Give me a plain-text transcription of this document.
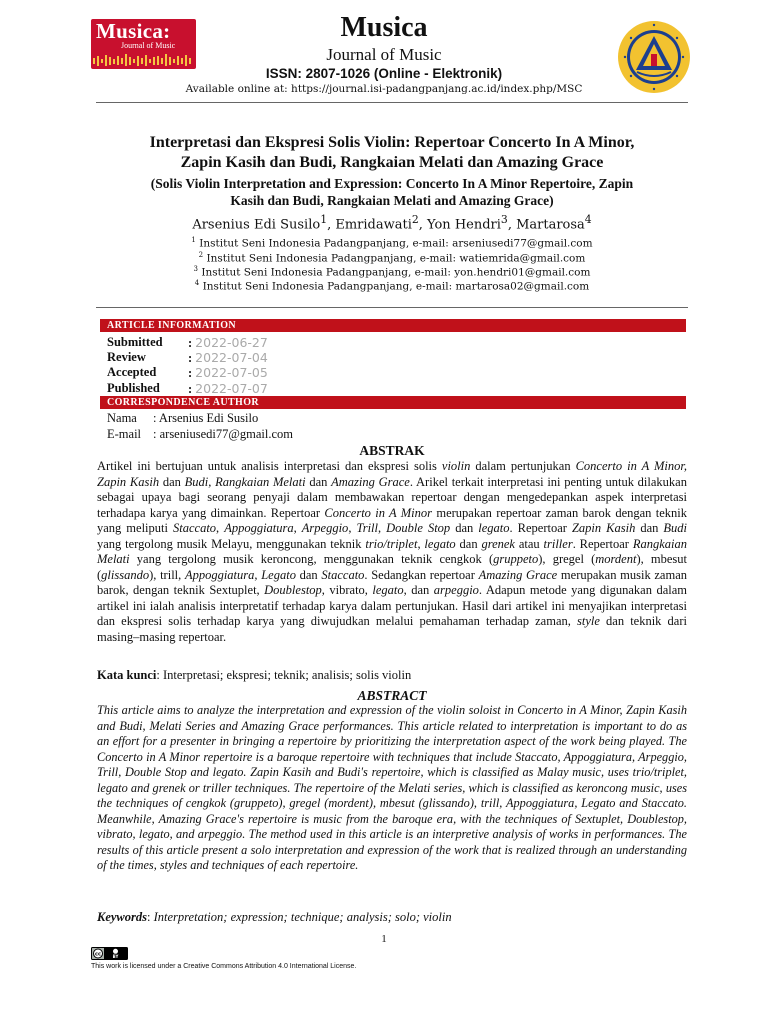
Musica:
Journal of Music
Musica
Journal of Music
ISSN: 2807-1026 (Online - Elektronik)
Available online at: https://journal.isi-padangpanjang.ac.id/index.php/MSC
Interpretasi dan Ekspresi Solis Violin: Repertoar Concerto In A Minor,
Zapin Kasih dan Budi, Rangkaian Melati dan Amazing Grace
(Solis Violin Interpretation and Expression: Concerto In A Minor Repertoire, Zapin
Kasih dan Budi, Rangkaian Melati and Amazing Grace)
Arsenius Edi Susilo$^1$, Emridawati$^2$, Yon Hendri$^3$, Martarosa$^4$
$^1$ Institut Seni Indonesia Padangpanjang, e-mail: arseniusedi77@gmail.com
$^2$ Institut Seni Indonesia Padangpanjang, e-mail: watiemrida@gmail.com
$^3$ Institut Seni Indonesia Padangpanjang, e-mail: yon.hendri01@gmail.com
$^4$ Institut Seni Indonesia Padangpanjang, e-mail: martarosa02@gmail.com
ARTICLE INFORMATION
Submitted : 2022-06-27
Review	: 2022-07-04
Accepted	: 2022-07-05
Published : 2022-07-07
CORRESPONDENCE AUTHOR
Nama : Arsenius Edi Susilo
E-mail : arseniusedi77@gmail.com
ABSTRAK
Artikel ini bertujuan untuk analisis interpretasi dan ekspresi solis violin dalam pertunjukan Concerto in A Minor, Zapin Kasih dan Budi, Rangkaian Melati dan Amazing Grace. Arikel terkait interpretasi ini penting untuk dilakukan sebagai upaya bagi seorang penyaji dalam membawakan repertoar dengan mengedepankan aspek interpretasi terhadapa karya yang dimainkan. Repertoar Concerto in A Minor merupakan repertoar zaman barok dengan teknik yang meliputi Staccato, Appoggiatura, Arpeggio, Trill, Double Stop dan legato. Repertoar Zapin Kasih dan Budi yang tergolong musik Melayu, menggunakan teknik trio/triplet, legato dan grenek atau triller. Repertoar Rangkaian Melati yang tergolong musik keroncong, menggunakan teknik cengkok (gruppeto), gregel (mordent), mbesut (glissando), trill, Appoggiatura, Legato dan Staccato. Sedangkan repertoar Amazing Grace merupakan musik zaman barok, dengan teknik Sextuplet, Doublestop, vibrato, legato, dan arpeggio. Adapun metode yang digunakan dalam artikel ini ialah analisis interpretatif terhadap karya dalam pertunjukan. Hasil dari artikel ini menyajikan interpretasi dan ekspresi solis terhadap karya yang diwujudkan melalui pemahaman terhadap zaman, style dan teknik dari masing–masing repertoar.
Kata kunci: Interpretasi; ekspresi; teknik; analisis; solis violin
ABSTRACT
This article aims to analyze the interpretation and expression of the violin soloist in Concerto in A Minor, Zapin Kasih and Budi, Melati Series and Amazing Grace performances. This article related to interpretation is important to do as an effort for a presenter in bringing a repertoire by prioritizing the interpretation aspect of the work being played. The Concerto in A Minor repertoire is a baroque repertoire with techniques that include Staccato, Appoggiatura, Arpeggio, Trill, Double Stop and legato. Zapin Kasih and Budi's repertoire, which is classified as Malay music, uses trio/triplet, legato and grenek or triller techniques. The repertoire of the Melati series, which is classified as keroncong music, uses the techniques of cengkok (gruppeto), gregel (mordent), mbesut (glissando), trill, Appoggiatura, Legato and Staccato. Meanwhile, Amazing Grace's repertoire is music from the baroque era, with the techniques of Sextuplet, Doublestop, vibrato, legato, and arpeggio. The method used in this article is an interpretive analysis of works in performances. The results of this article present a solo interpretation and expression of the work that is realized through an understanding of the times, styles and techniques of each repertoire.
Keywords: Interpretation; expression; technique; analysis; solo; violin
1
cc	BY
This work is licensed under a Creative Commons Attribution 4.0 International License.
